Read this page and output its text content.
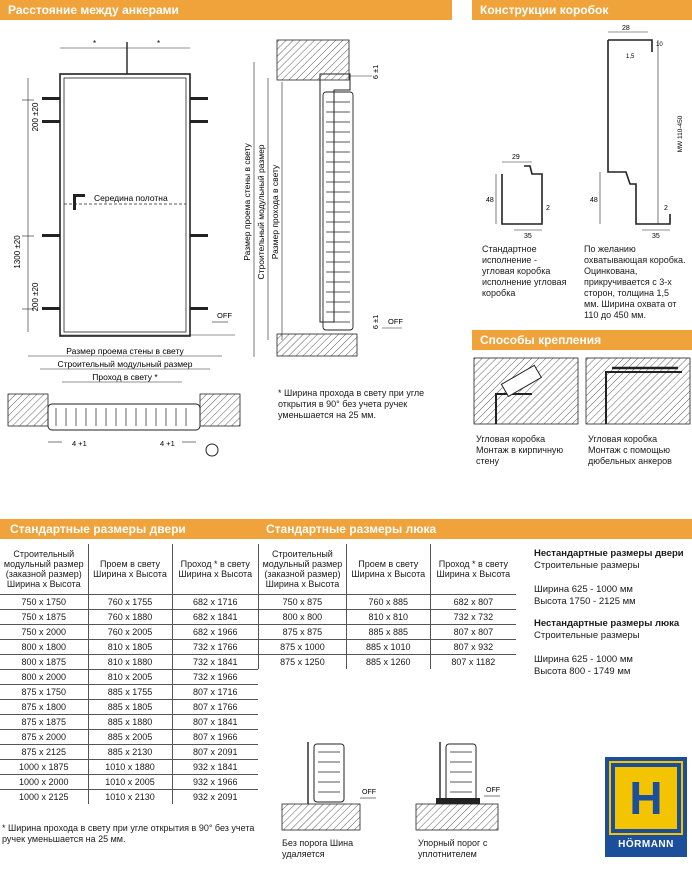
Расстояние между анкерами	Конструкции коробок
Способы крепления
Стандартные размеры двери	Стандартные размеры люка
200 ±20
1300 ±20
200 ±20
Середина полотна
*	*
OFF
Размер проема стены в свету Строительный модульный размер Размер прохода в свету
6 ±1
6 ±1 OFF
Размер проема стены в свету
Строительный модульный размер
Проход в свету *
4 +1	4 +1
* Ширина прохода в свету при угле открытия в 90° без учета ручек уменьшается на 25 мм.
29
48
2
35
28
10
1,5
48
2
35
MW 110-450
Стандартное исполнение - угловая коробка исполнение угловая коробка
По желанию охватывающая коробка. Оцинкована, прикручивается с 3-х сторон, толщина 1,5 мм. Ширина охвата от 110 до 450 мм.
Угловая коробка Монтаж в кирпичную стену
Угловая коробка Монтаж с помощью дюбельных анкеров
Строительный модульный размер (заказной размер) Ширина х Высота	Проем в свету Ширина х Высота	Проход * в свету Ширина х Высота
750 x 1750	760 x 1755	682 x 1716
750 x 1875	760 x 1880	682 x 1841
750 x 2000	760 x 2005	682 x 1966
800 x 1800	810 x 1805	732 x 1766
800 x 1875	810 x 1880	732 x 1841
800 x 2000	810 x 2005	732 x 1966
875 x 1750	885 x 1755	807 x 1716
875 x 1800	885 x 1805	807 x 1766
875 x 1875	885 x 1880	807 x 1841
875 x 2000	885 x 2005	807 x 1966
875 x 2125	885 x 2130	807 x 2091
1000 x 1875	1010 x 1880	932 x 1841
1000 x 2000	1010 x 2005	932 x 1966
1000 x 2125	1010 x 2130	932 x 2091
* Ширина прохода в свету при угле открытия в 90° без учета ручек уменьшается на 25 мм.
Строительный модульный размер (заказной размер) Ширина х Высота	Проем в свету Ширина х Высота	Проход * в свету Ширина х Высота
750 x 875	760 x 885	682 x 807
800 x 800	810 x 810	732 x 732
875 x 875	885 x 885	807 x 807
875 x 1000	885 x 1010	807 x 932
875 x 1250	885 x 1260	807 x 1182
Нестандартные размеры двери
Строительные размеры
Ширина 625 - 1000 мм
Высота 1750 - 2125 мм
Нестандартные размеры люка
Строительные размеры
Ширина 625 - 1000 мм
Высота 800 - 1749 мм
OFF	OFF
Без порога Шина удаляется
Упорный порог с уплотнителем
H
HÖRMANN
